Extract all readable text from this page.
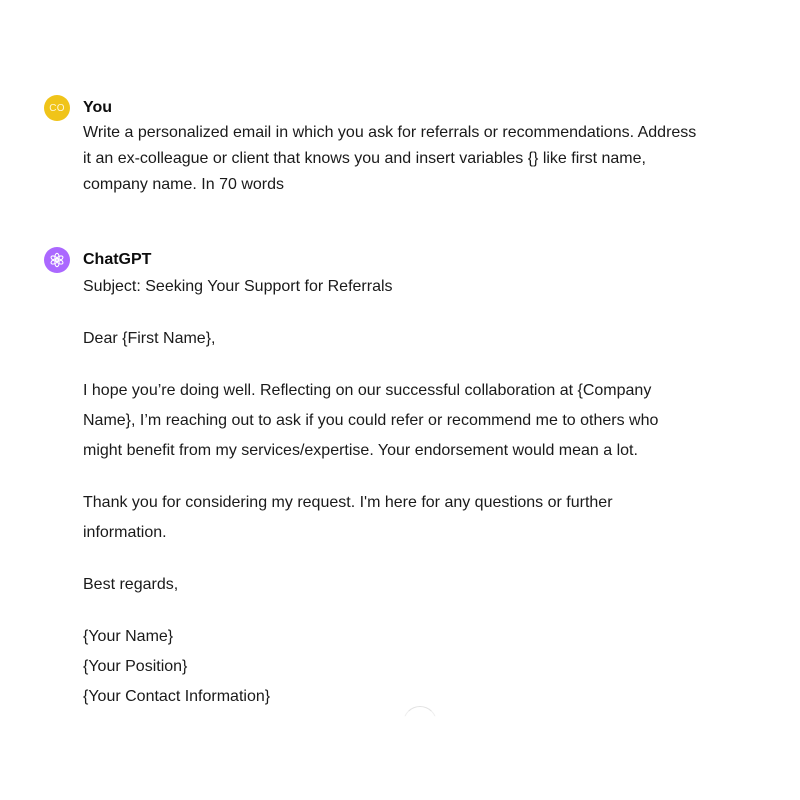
CO You
Write a personalized email in which you ask for referrals or recommendations. Address
it an ex-colleague or client that knows you and insert variables {} like first name,
company name. In 70 words
ChatGPT
Subject: Seeking Your Support for Referrals
Dear {First Name},
I hope you’re doing well. Reflecting on our successful collaboration at {Company
Name}, I’m reaching out to ask if you could refer or recommend me to others who
might benefit from my services/expertise. Your endorsement would mean a lot.
Thank you for considering my request. I'm here for any questions or further
information.
Best regards,
{Your Name}
{Your Position}
{Your Contact Information}
